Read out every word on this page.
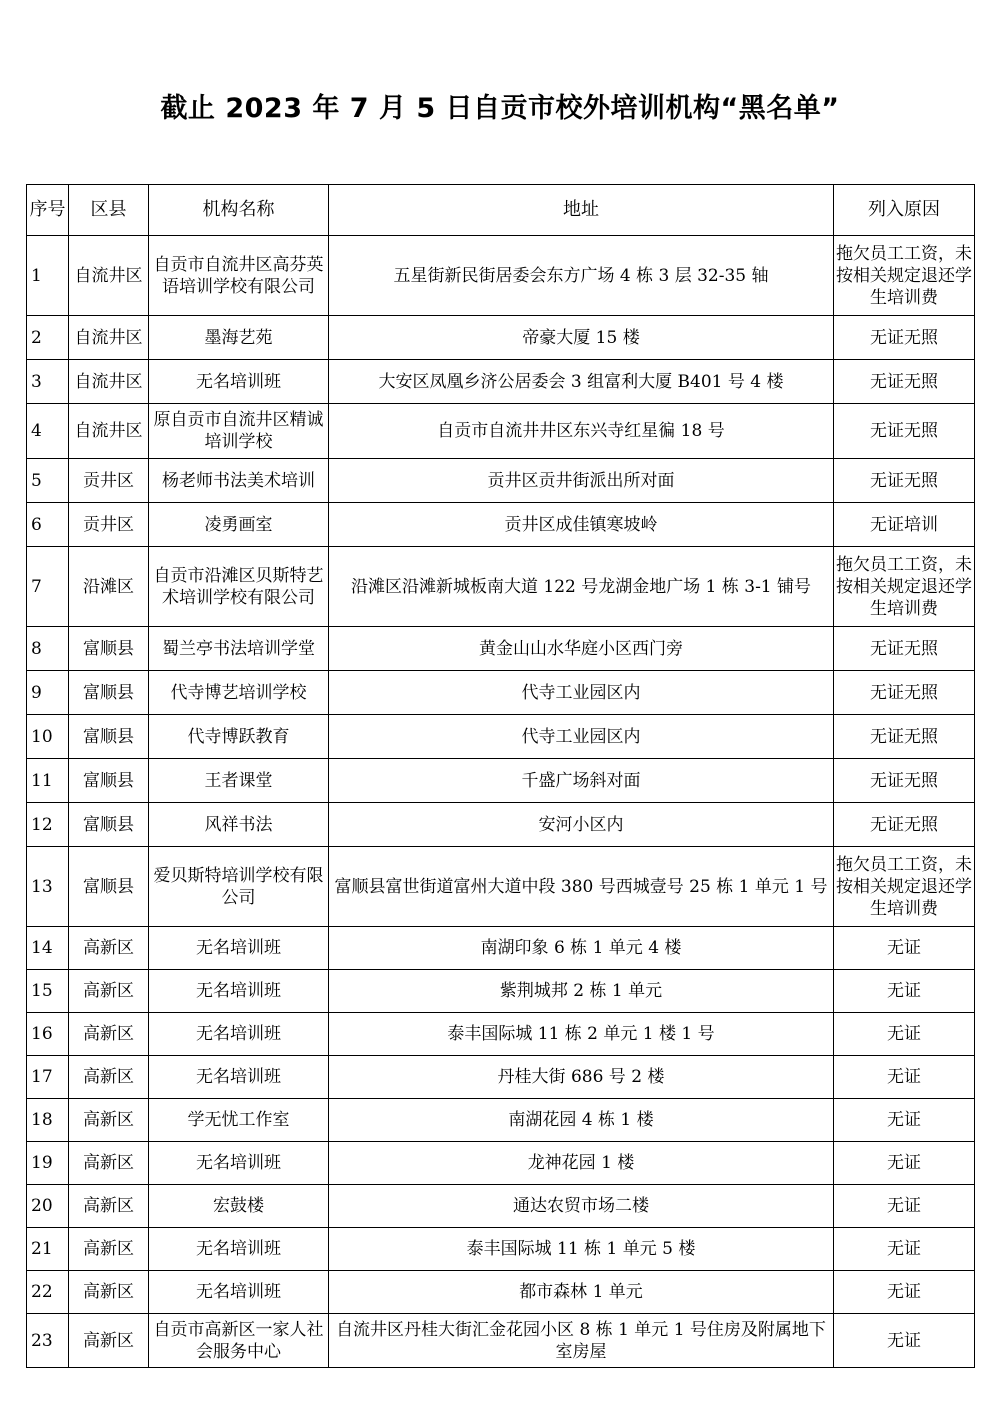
截止 2023 年 7 月 5 日自贡市校外培训机构“黑名单”
序号	区县	机构名称	地址	列入原因
1	自流井区	自贡市自流井区高芬英语培训学校有限公司	五星街新民街居委会东方广场 4 栋 3 层 32-35 轴	拖欠员工工资，未按相关规定退还学生培训费
2	自流井区	墨海艺苑	帝豪大厦 15 楼	无证无照
3	自流井区	无名培训班	大安区凤凰乡济公居委会 3 组富利大厦 B401 号 4 楼	无证无照
4	自流井区	原自贡市自流井区精诚培训学校	自贡市自流井井区东兴寺红星徧 18 号	无证无照
5	贡井区	杨老师书法美术培训	贡井区贡井街派出所对面	无证无照
6	贡井区	凌勇画室	贡井区成佳镇寒坡岭	无证培训
7	沿滩区	自贡市沿滩区贝斯特艺术培训学校有限公司	沿滩区沿滩新城板南大道 122 号龙湖金地广场 1 栋 3-1 铺号	拖欠员工工资，未按相关规定退还学生培训费
8	富顺县	蜀兰亭书法培训学堂	黄金山山水华庭小区西门旁	无证无照
9	富顺县	代寺博艺培训学校	代寺工业园区内	无证无照
10	富顺县	代寺博跃教育	代寺工业园区内	无证无照
11	富顺县	王者课堂	千盛广场斜对面	无证无照
12	富顺县	风祥书法	安河小区内	无证无照
13	富顺县	爱贝斯特培训学校有限公司	富顺县富世街道富州大道中段 380 号西城壹号 25 栋 1 单元 1 号	拖欠员工工资，未按相关规定退还学生培训费
14	高新区	无名培训班	南湖印象 6 栋 1 单元 4 楼	无证
15	高新区	无名培训班	紫荆城邦 2 栋 1 单元	无证
16	高新区	无名培训班	泰丰国际城 11 栋 2 单元 1 楼 1 号	无证
17	高新区	无名培训班	丹桂大街 686 号 2 楼	无证
18	高新区	学无忧工作室	南湖花园 4 栋 1 楼	无证
19	高新区	无名培训班	龙神花园 1 楼	无证
20	高新区	宏鼓楼	通达农贸市场二楼	无证
21	高新区	无名培训班	泰丰国际城 11 栋 1 单元 5 楼	无证
22	高新区	无名培训班	都市森林 1 单元	无证
23	高新区	自贡市高新区一家人社会服务中心	自流井区丹桂大街汇金花园小区 8 栋 1 单元 1 号住房及附属地下室房屋	无证
